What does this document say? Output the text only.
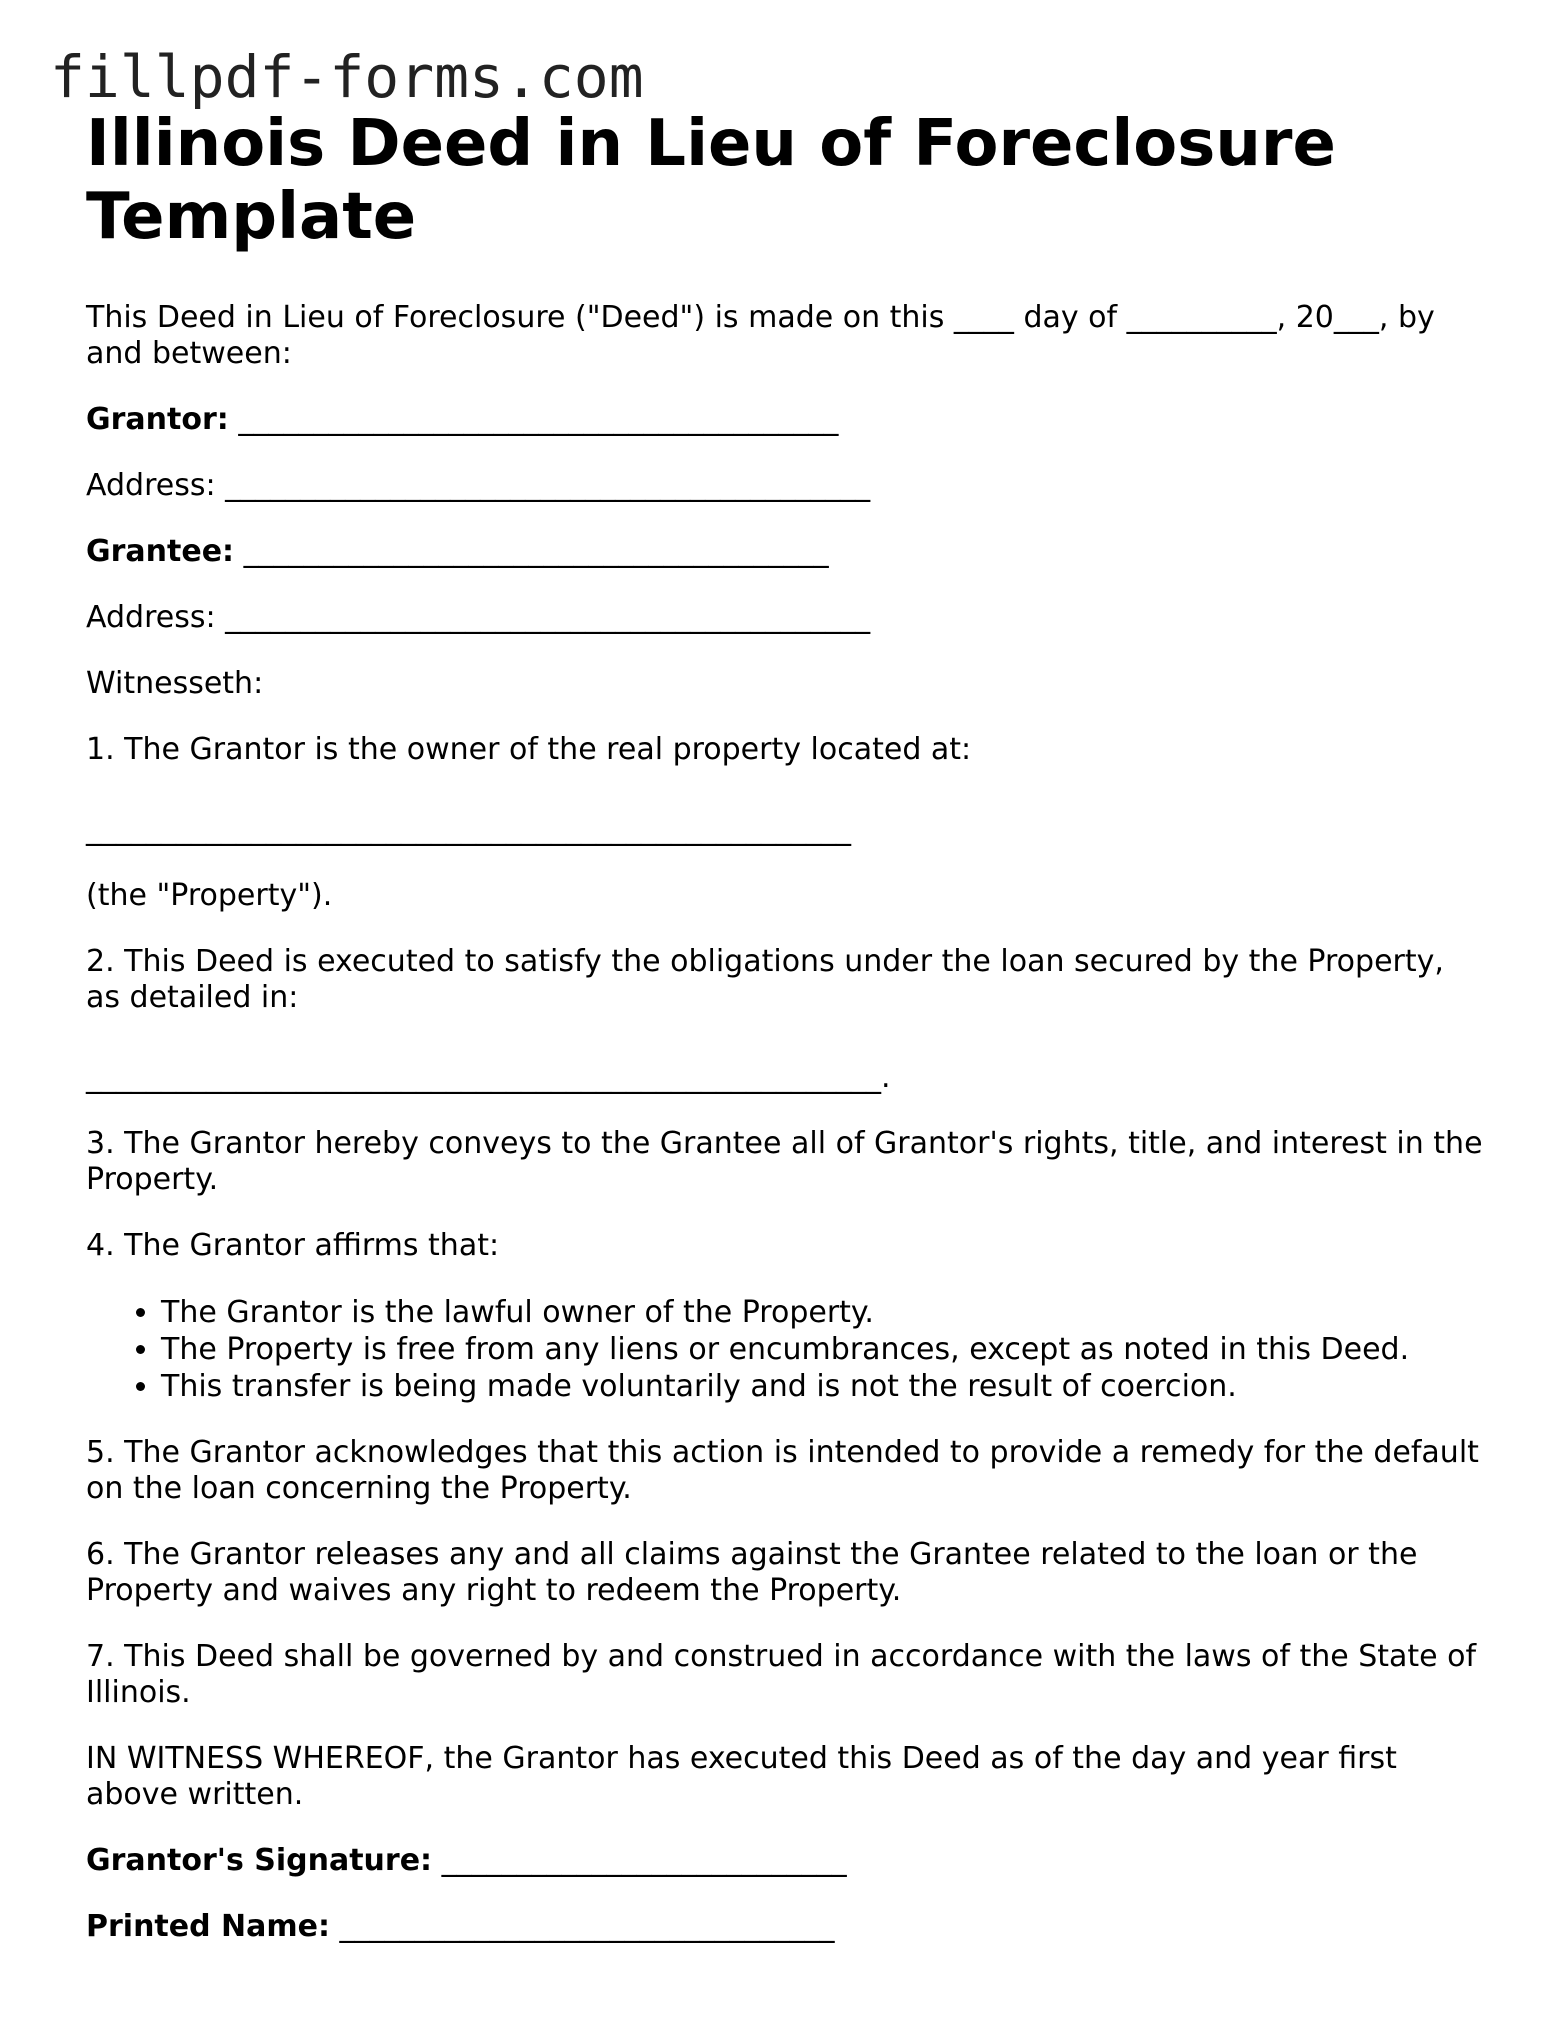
fillpdf-forms.com
Illinois Deed in Lieu of Foreclosure Template

This Deed in Lieu of Foreclosure ("Deed") is made on this ____ day of __________, 20___, by and between:

Grantor: ________________________________________

Address: ___________________________________________

Grantee: _______________________________________

Address: ___________________________________________

Witnesseth:

1. The Grantor is the owner of the real property located at:

___________________________________________________

(the "Property").

2. This Deed is executed to satisfy the obligations under the loan secured by the Property, as detailed in:

_____________________________________________________.

3. The Grantor hereby conveys to the Grantee all of Grantor's rights, title, and interest in the Property.

4. The Grantor affirms that:

• The Grantor is the lawful owner of the Property.
• The Property is free from any liens or encumbrances, except as noted in this Deed.
• This transfer is being made voluntarily and is not the result of coercion.

5. The Grantor acknowledges that this action is intended to provide a remedy for the default on the loan concerning the Property.

6. The Grantor releases any and all claims against the Grantee related to the loan or the Property and waives any right to redeem the Property.

7. This Deed shall be governed by and construed in accordance with the laws of the State of Illinois.

IN WITNESS WHEREOF, the Grantor has executed this Deed as of the day and year first above written.

Grantor's Signature: ___________________________

Printed Name: _________________________________
